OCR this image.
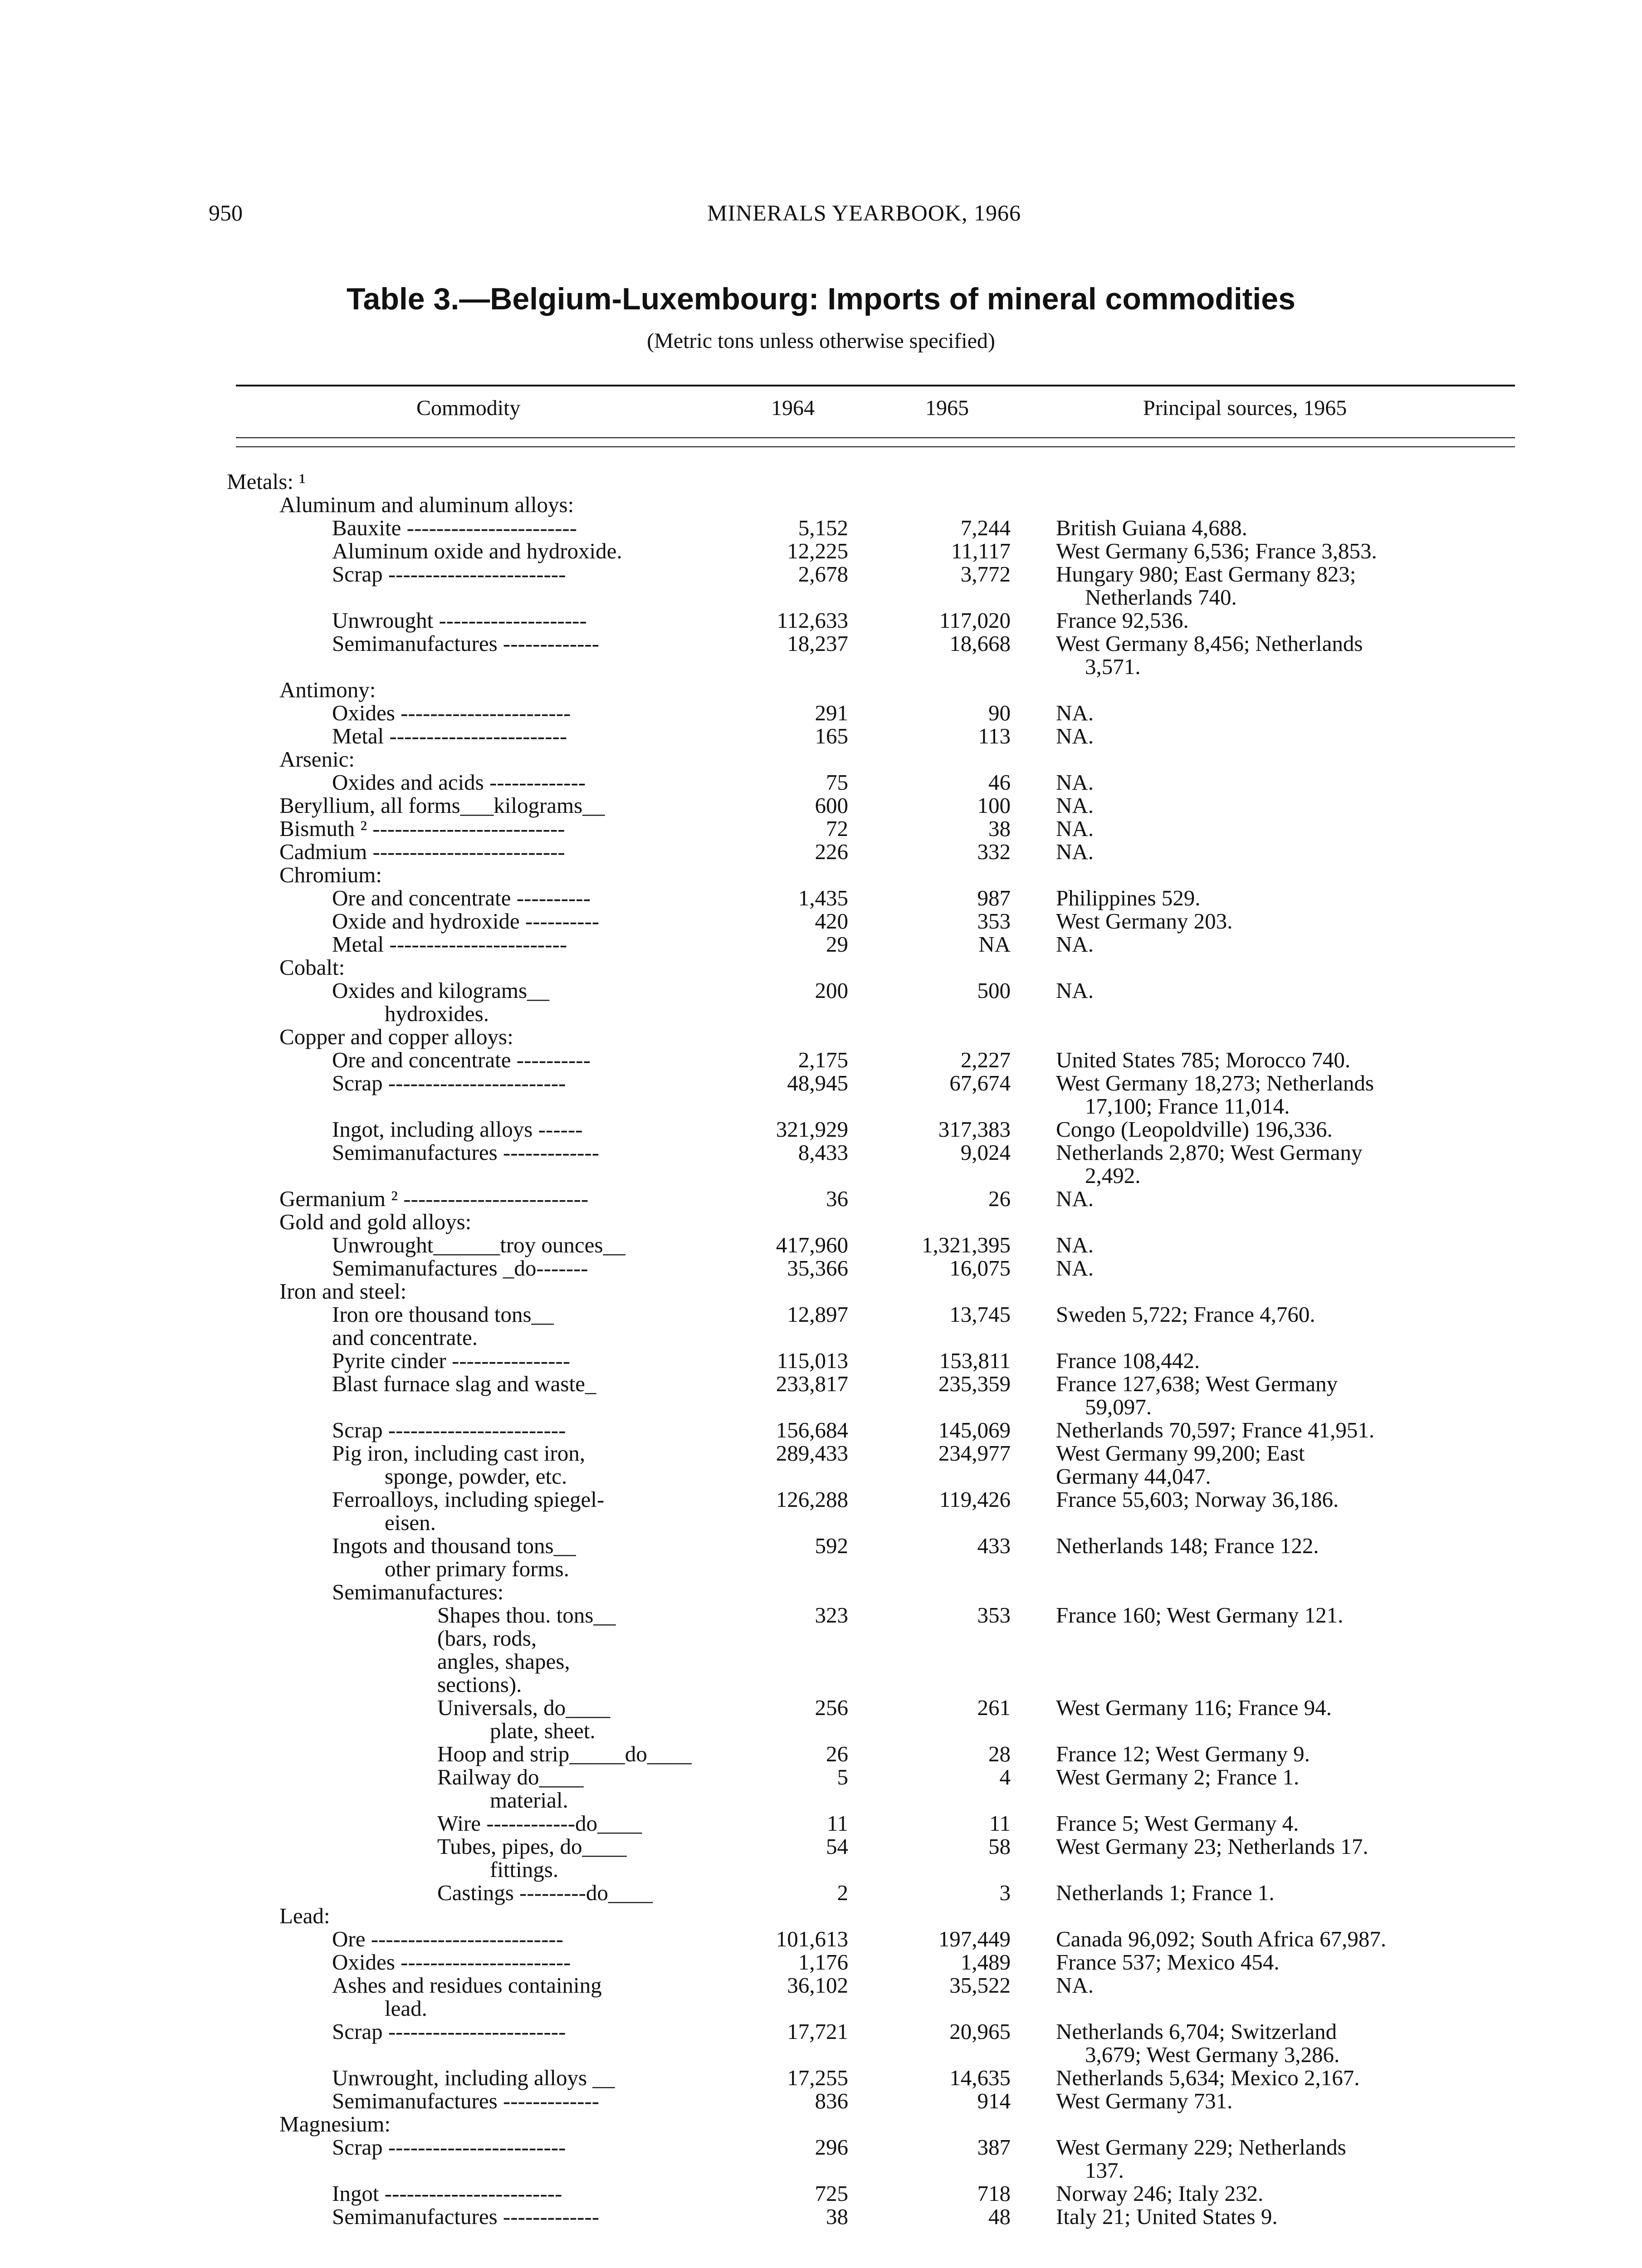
950	MINERALS YEARBOOK, 1966
Table 3.—Belgium-Luxembourg: Imports of mineral commodities
(Metric tons unless otherwise specified)
Commodity	1964	1965	Principal sources, 1965
Metals: ¹
Aluminum and aluminum alloys:
Bauxite -----------------------	5,152	7,244 British Guiana 4,688.
Aluminum oxide and hydroxide.	12,225	11,117 West Germany 6,536; France 3,853.
Scrap ------------------------	2,678	3,772 Hungary 980; East Germany 823;
Netherlands 740.
Unwrought --------------------	112,633	117,020 France 92,536.
Semimanufactures -------------	18,237	18,668 West Germany 8,456; Netherlands
3,571.
Antimony:
Oxides -----------------------	291	90 NA.
Metal ------------------------	165	113 NA.
Arsenic:
Oxides and acids -------------	75	46 NA.
Beryllium, all forms___kilograms__	600	100 NA.
Bismuth ² --------------------------	72	38 NA.
Cadmium --------------------------	226	332 NA.
Chromium:
Ore and concentrate ----------	1,435	987 Philippines 529.
Oxide and hydroxide ----------	420	353 West Germany 203.
Metal ------------------------	29	NA NA.
Cobalt:
Oxides and kilograms__	200	500 NA.
hydroxides.
Copper and copper alloys:
Ore and concentrate ----------	2,175	2,227 United States 785; Morocco 740.
Scrap ------------------------	48,945	67,674 West Germany 18,273; Netherlands
17,100; France 11,014.
Ingot, including alloys ------	321,929	317,383 Congo (Leopoldville) 196,336.
Semimanufactures -------------	8,433	9,024 Netherlands 2,870; West Germany
2,492.
Germanium ² -------------------------	36	26 NA.
Gold and gold alloys:
Unwrought______troy ounces__	417,960	1,321,395 NA.
Semimanufactures _do-------	35,366	16,075 NA.
Iron and steel:
Iron ore thousand tons__	12,897	13,745 Sweden 5,722; France 4,760.
and concentrate.
Pyrite cinder ----------------	115,013	153,811 France 108,442.
Blast furnace slag and waste_	233,817	235,359 France 127,638; West Germany
59,097.
Scrap ------------------------	156,684	145,069 Netherlands 70,597; France 41,951.
Pig iron, including cast iron,	289,433	234,977 West Germany 99,200; East
sponge, powder, etc.	Germany 44,047.
Ferroalloys, including spiegel-	126,288	119,426 France 55,603; Norway 36,186.
eisen.
Ingots and thousand tons__	592	433 Netherlands 148; France 122.
other primary forms.
Semimanufactures:
Shapes thou. tons__	323	353 France 160; West Germany 121.
(bars, rods,
angles, shapes,
sections).
Universals, do____	256	261 West Germany 116; France 94.
plate, sheet.
Hoop and strip_____do____	26	28 France 12; West Germany 9.
Railway do____	5	4 West Germany 2; France 1.
material.
Wire ------------do____	11	11 France 5; West Germany 4.
Tubes, pipes, do____	54	58 West Germany 23; Netherlands 17.
fittings.
Castings ---------do____	2	3 Netherlands 1; France 1.
Lead:
Ore --------------------------	101,613	197,449 Canada 96,092; South Africa 67,987.
Oxides -----------------------	1,176	1,489 France 537; Mexico 454.
Ashes and residues containing	36,102	35,522 NA.
lead.
Scrap ------------------------	17,721	20,965 Netherlands 6,704; Switzerland
3,679; West Germany 3,286.
Unwrought, including alloys __	17,255	14,635 Netherlands 5,634; Mexico 2,167.
Semimanufactures -------------	836	914 West Germany 731.
Magnesium:
Scrap ------------------------	296	387 West Germany 229; Netherlands
137.
Ingot ------------------------	725	718 Norway 246; Italy 232.
Semimanufactures -------------	38	48 Italy 21; United States 9.
